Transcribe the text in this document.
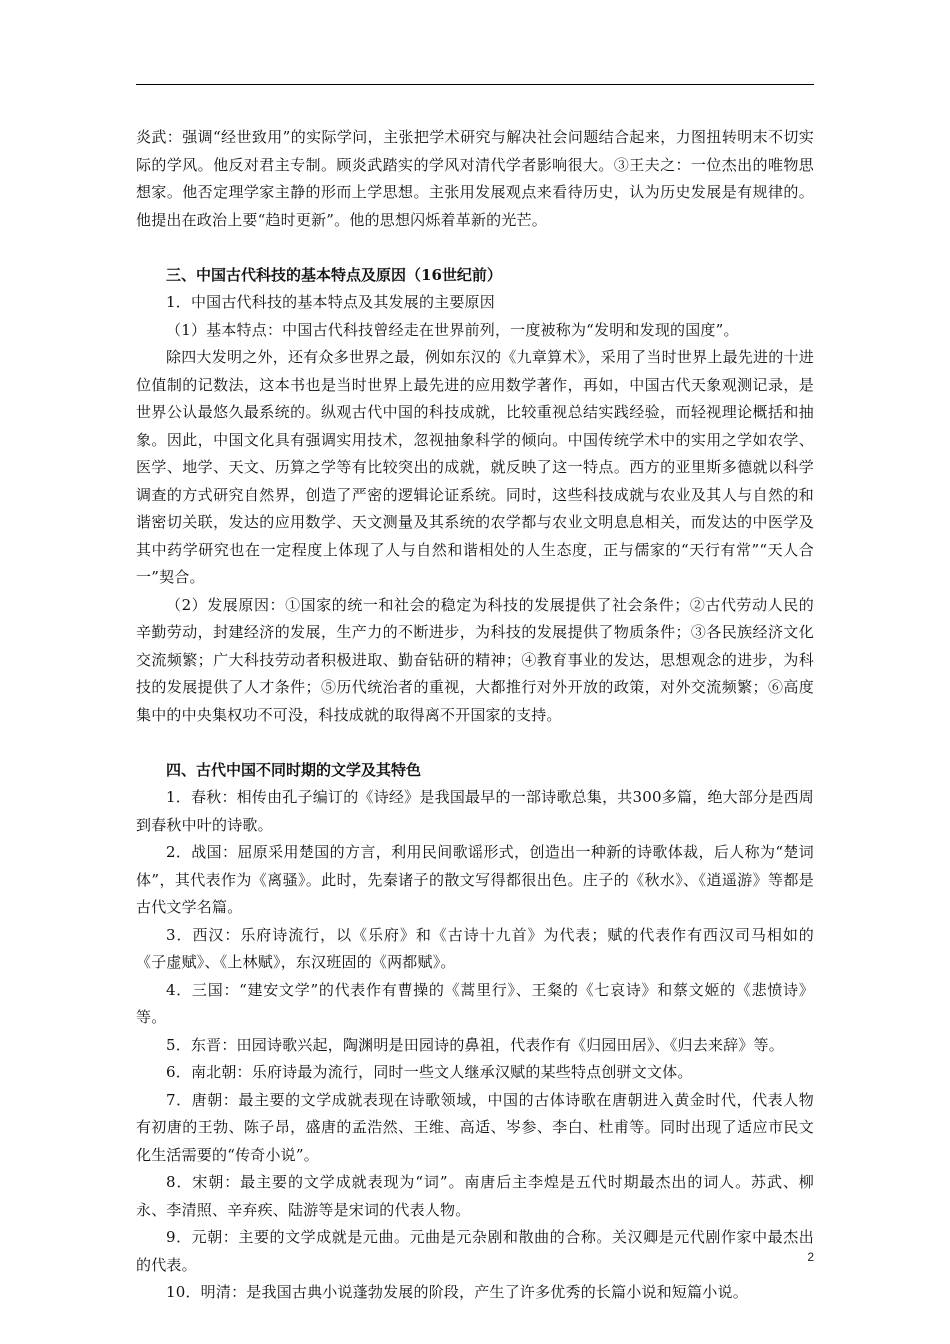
炎武：强调“经世致用”的实际学问，主张把学术研究与解决社会问题结合起来，力图扭转明末不切实际的学风。他反对君主专制。顾炎武踏实的学风对清代学者影响很大。③王夫之：一位杰出的唯物思想家。他否定理学家主静的形而上学思想。主张用发展观点来看待历史，认为历史发展是有规律的。他提出在政治上要“趋时更新”。他的思想闪烁着革新的光芒。

三、中国古代科技的基本特点及原因（16世纪前）

1．中国古代科技的基本特点及其发展的主要原因

（1）基本特点：中国古代科技曾经走在世界前列，一度被称为“发明和发现的国度”。

除四大发明之外，还有众多世界之最，例如东汉的《九章算术》，采用了当时世界上最先进的十进位值制的记数法，这本书也是当时世界上最先进的应用数学著作，再如，中国古代天象观测记录，是世界公认最悠久最系统的。纵观古代中国的科技成就，比较重视总结实践经验，而轻视理论概括和抽象。因此，中国文化具有强调实用技术，忽视抽象科学的倾向。中国传统学术中的实用之学如农学、医学、地学、天文、历算之学等有比较突出的成就，就反映了这一特点。西方的亚里斯多德就以科学调查的方式研究自然界，创造了严密的逻辑论证系统。同时，这些科技成就与农业及其人与自然的和谐密切关联，发达的应用数学、天文测量及其系统的农学都与农业文明息息相关，而发达的中医学及其中药学研究也在一定程度上体现了人与自然和谐相处的人生态度，正与儒家的“天行有常”“天人合一”契合。

（2）发展原因：①国家的统一和社会的稳定为科技的发展提供了社会条件；②古代劳动人民的辛勤劳动，封建经济的发展，生产力的不断进步，为科技的发展提供了物质条件；③各民族经济文化交流频繁；广大科技劳动者积极进取、勤奋钻研的精神；④教育事业的发达，思想观念的进步，为科技的发展提供了人才条件；⑤历代统治者的重视，大都推行对外开放的政策，对外交流频繁；⑥高度集中的中央集权功不可没，科技成就的取得离不开国家的支持。

四、古代中国不同时期的文学及其特色

1．春秋：相传由孔子编订的《诗经》是我国最早的一部诗歌总集，共300多篇，绝大部分是西周到春秋中叶的诗歌。

2．战国：屈原采用楚国的方言，利用民间歌谣形式，创造出一种新的诗歌体裁，后人称为“楚词体”，其代表作为《离骚》。此时，先秦诸子的散文写得都很出色。庄子的《秋水》、《逍遥游》等都是古代文学名篇。

3．西汉：乐府诗流行，以《乐府》和《古诗十九首》为代表；赋的代表作有西汉司马相如的《子虚赋》、《上林赋》，东汉班固的《两都赋》。

4．三国：“建安文学”的代表作有曹操的《蒿里行》、王粲的《七哀诗》和蔡文姬的《悲愤诗》等。

5．东晋：田园诗歌兴起，陶渊明是田园诗的鼻祖，代表作有《归园田居》、《归去来辞》等。

6．南北朝：乐府诗最为流行，同时一些文人继承汉赋的某些特点创骈文文体。

7．唐朝：最主要的文学成就表现在诗歌领域，中国的古体诗歌在唐朝进入黄金时代，代表人物有初唐的王勃、陈子昂，盛唐的孟浩然、王维、高适、岑参、李白、杜甫等。同时出现了适应市民文化生活需要的“传奇小说”。

8．宋朝：最主要的文学成就表现为“词”。南唐后主李煌是五代时期最杰出的词人。苏武、柳永、李清照、辛弃疾、陆游等是宋词的代表人物。

9．元朝：主要的文学成就是元曲。元曲是元杂剧和散曲的合称。关汉卿是元代剧作家中最杰出的代表。

10．明清：是我国古典小说蓬勃发展的阶段，产生了许多优秀的长篇小说和短篇小说。

2
